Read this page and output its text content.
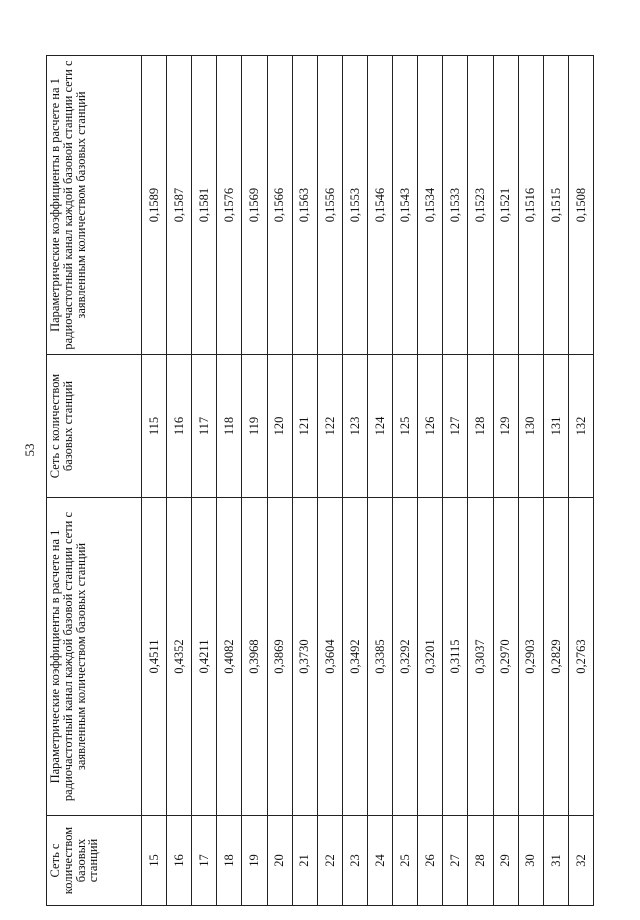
53
Сеть с количеством базовых станций	Параметрические коэффициенты в расчете на 1 радиочастотный канал каждой базовой станции сети с заявленным количеством базовых станций	Сеть с количеством базовых станций	Параметрические коэффициенты в расчете на 1 радиочастотный канал каждой базовой станции сети с заявленным количеством базовых станций
15	0,4511	115	0,1589
16	0,4352	116	0,1587
17	0,4211	117	0,1581
18	0,4082	118	0,1576
19	0,3968	119	0,1569
20	0,3869	120	0,1566
21	0,3730	121	0,1563
22	0,3604	122	0,1556
23	0,3492	123	0,1553
24	0,3385	124	0,1546
25	0,3292	125	0,1543
26	0,3201	126	0,1534
27	0,3115	127	0,1533
28	0,3037	128	0,1523
29	0,2970	129	0,1521
30	0,2903	130	0,1516
31	0,2829	131	0,1515
32	0,2763	132	0,1508
